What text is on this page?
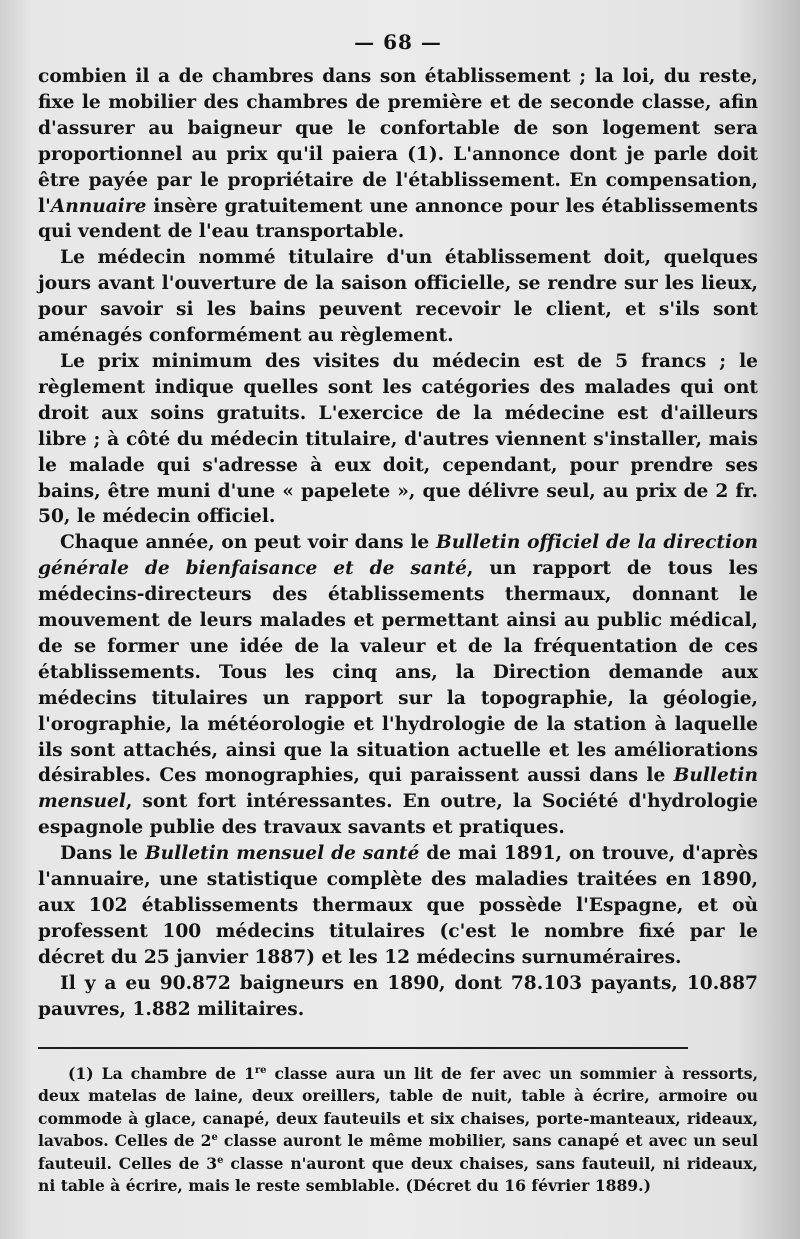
— 68 —

combien il a de chambres dans son établissement ; la loi, du reste, fixe le mobilier des chambres de première et de seconde classe, afin d'assurer au baigneur que le confortable de son logement sera proportionnel au prix qu'il paiera (1). L'annonce dont je parle doit être payée par le propriétaire de l'établissement. En compensation, l'Annuaire insère gratuitement une annonce pour les établissements qui vendent de l'eau transportable.

Le médecin nommé titulaire d'un établissement doit, quelques jours avant l'ouverture de la saison officielle, se rendre sur les lieux, pour savoir si les bains peuvent recevoir le client, et s'ils sont aménagés conformément au règlement.

Le prix minimum des visites du médecin est de 5 francs ; le règlement indique quelles sont les catégories des malades qui ont droit aux soins gratuits. L'exercice de la médecine est d'ailleurs libre ; à côté du médecin titulaire, d'autres viennent s'installer, mais le malade qui s'adresse à eux doit, cependant, pour prendre ses bains, être muni d'une « papelete », que délivre seul, au prix de 2 fr. 50, le médecin officiel.

Chaque année, on peut voir dans le Bulletin officiel de la direction générale de bienfaisance et de santé, un rapport de tous les médecins-directeurs des établissements thermaux, donnant le mouvement de leurs malades et permettant ainsi au public médical, de se former une idée de la valeur et de la fréquentation de ces établissements. Tous les cinq ans, la Direction demande aux médecins titulaires un rapport sur la topographie, la géologie, l'orographie, la météorologie et l'hydrologie de la station à laquelle ils sont attachés, ainsi que la situation actuelle et les améliorations désirables. Ces monographies, qui paraissent aussi dans le Bulletin mensuel, sont fort intéressantes. En outre, la Société d'hydrologie espagnole publie des travaux savants et pratiques.

Dans le Bulletin mensuel de santé de mai 1891, on trouve, d'après l'annuaire, une statistique complète des maladies traitées en 1890, aux 102 établissements thermaux que possède l'Espagne, et où professent 100 médecins titulaires (c'est le nombre fixé par le décret du 25 janvier 1887) et les 12 médecins surnuméraires.

Il y a eu 90.872 baigneurs en 1890, dont 78.103 payants, 10.887 pauvres, 1.882 militaires.

(1) La chambre de 1re classe aura un lit de fer avec un sommier à ressorts, deux matelas de laine, deux oreillers, table de nuit, table à écrire, armoire ou commode à glace, canapé, deux fauteuils et six chaises, porte-manteaux, rideaux, lavabos. Celles de 2e classe auront le même mobilier, sans canapé et avec un seul fauteuil. Celles de 3e classe n'auront que deux chaises, sans fauteuil, ni rideaux, ni table à écrire, mais le reste semblable. (Décret du 16 février 1889.)
